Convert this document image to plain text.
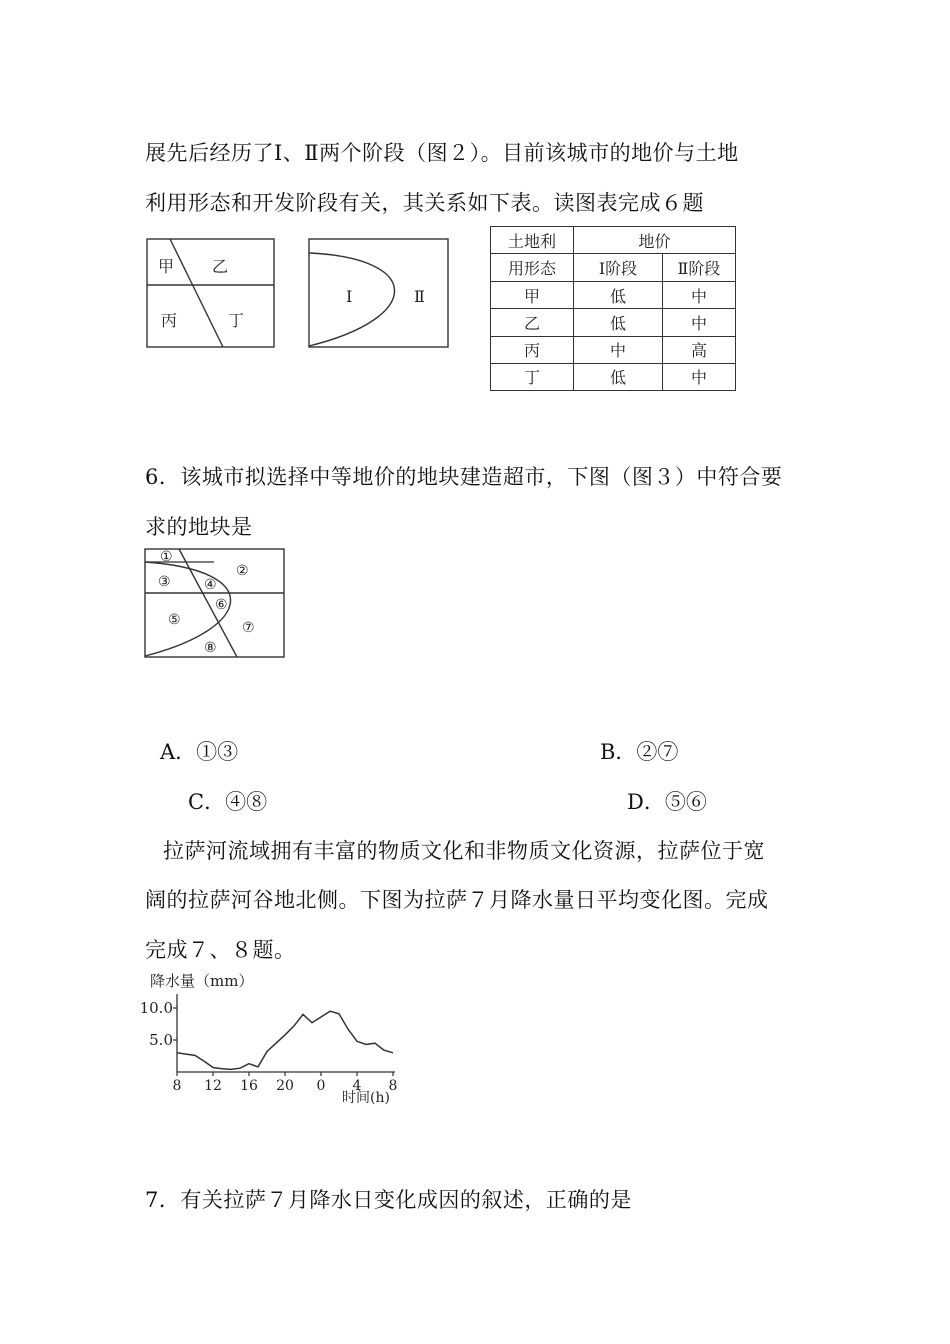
展先后经历了Ⅰ、Ⅱ两个阶段（图２）。目前该城市的地价与土地
利用形态和开发阶段有关，其关系如下表。读图表完成６题
甲 乙
丙	丁
Ⅰ	Ⅱ
土地利	地价	
用形态	Ⅰ阶段	Ⅱ阶段
甲	低	中
乙	低	中
丙	中	高
丁	低	中
6．该城市拟选择中等地价的地块建造超市，下图（图３）中符合要
求的地块是
①
②
③ ④
⑤
⑥
⑦
⑧
A．①③	B．②⑦
C．④⑧	D．⑤⑥
拉萨河流域拥有丰富的物质文化和非物质文化资源，拉萨位于宽
阔的拉萨河谷地北侧。下图为拉萨７月降水量日平均变化图。完成
完成７、８题。
降水量（mm）
8 12 16 20 0 4 8
5.0
10.0
时间(h)
7．有关拉萨７月降水日变化成因的叙述，正确的是
